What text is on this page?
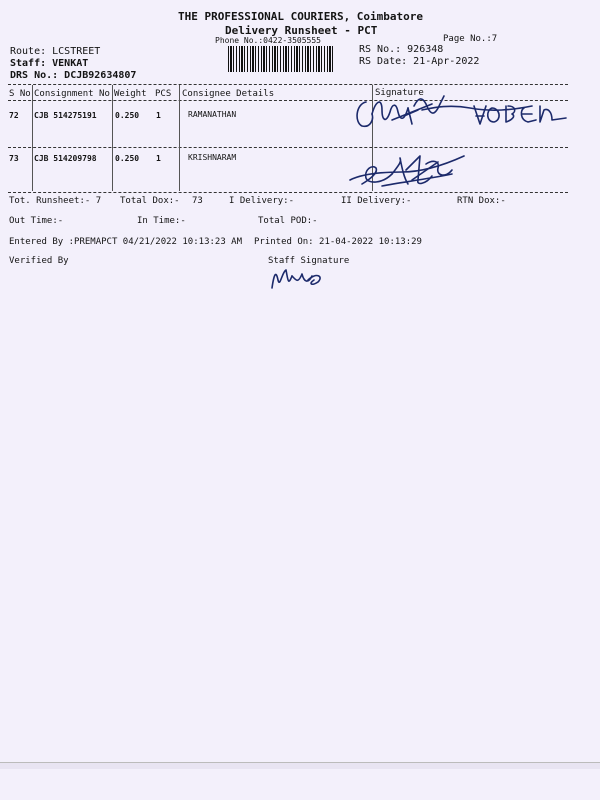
THE PROFESSIONAL COURIERS, Coimbatore
Delivery Runsheet - PCT
Phone No.:0422-3505555	Page No.:7
Route: LCSTREET
Staff: VENKAT
DRS No.: DCJB92634807
RS No.: 926348
RS Date: 21-Apr-2022
S No Consignment No Weight PCS Consignee Details	Signature
72 CJB 514275191 0.250 1	RAMANATHAN
73 CJB 514209798 0.250 1	KRISHNARAM
Tot. Runsheet:- 7 Total Dox:- 73	I Delivery:-	II Delivery:-	RTN Dox:-
Out Time:-	In Time:-	Total POD:-
Entered By :PREMAPCT 04/21/2022 10:13:23 AM Printed On: 21-04-2022 10:13:29
Verified By	Staff Signature
